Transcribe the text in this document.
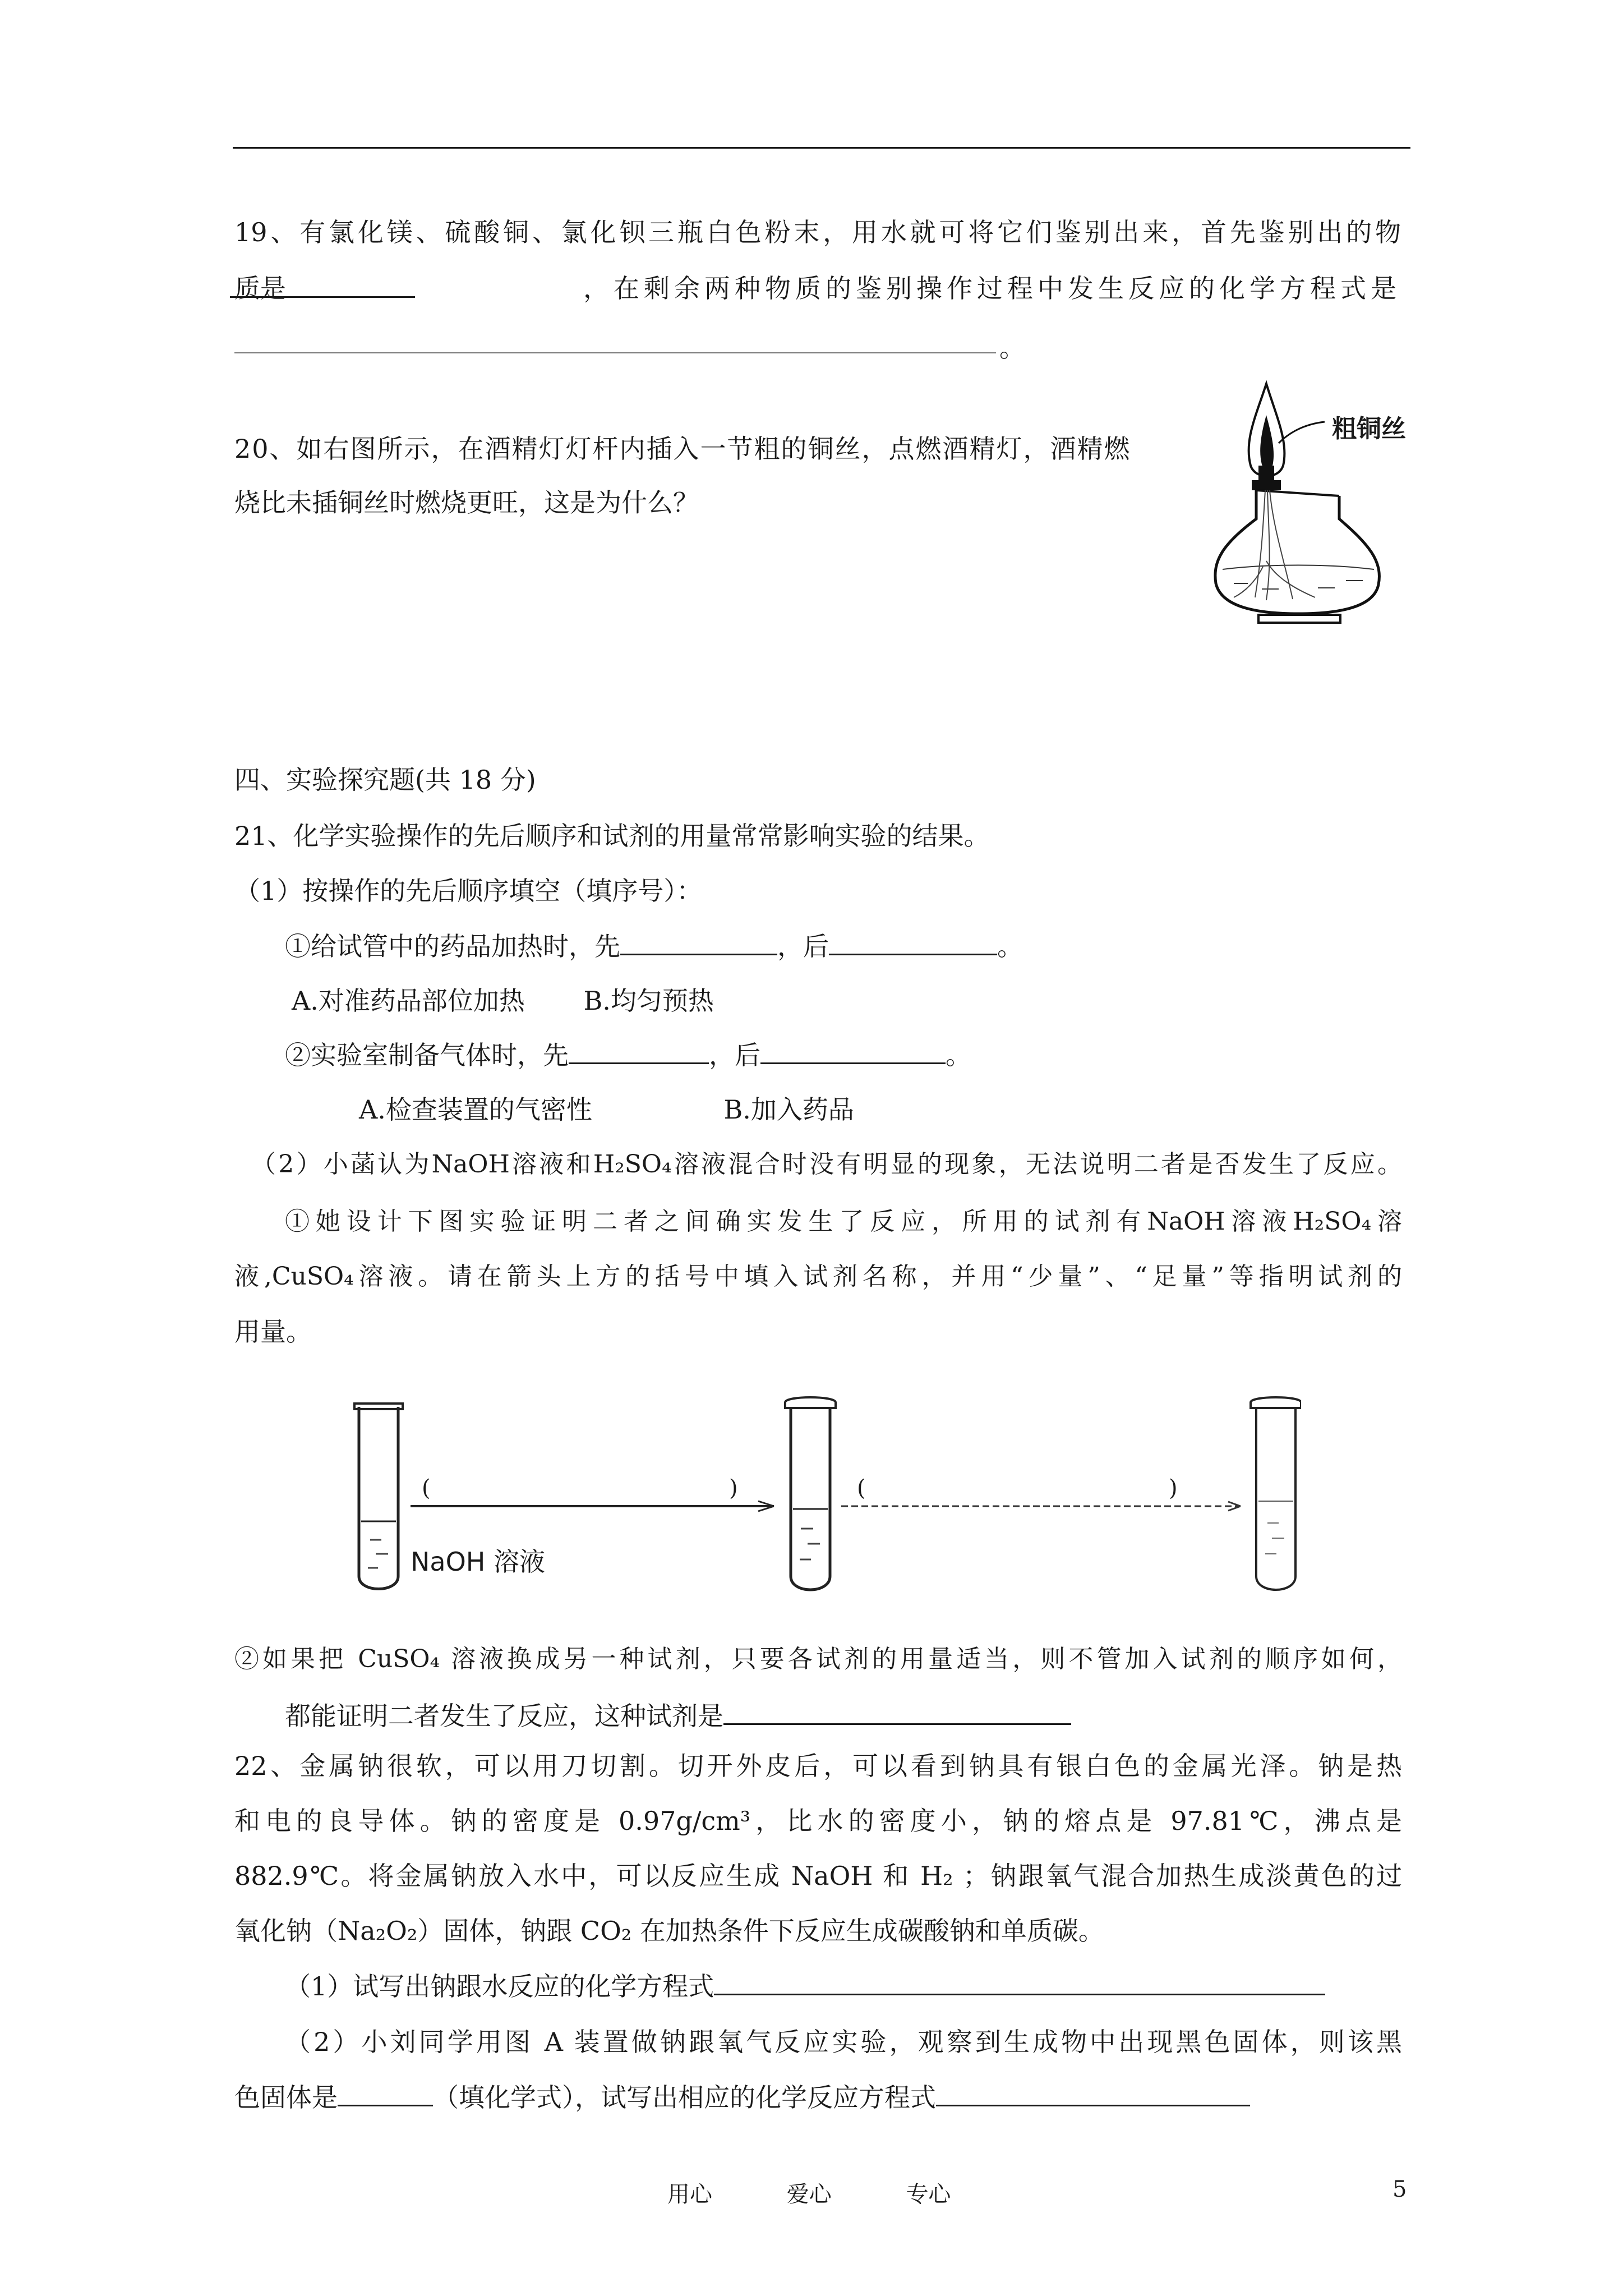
19、有氯化镁、硫酸铜、氯化钡三瓶白色粉末，用水就可将它们鉴别出来，首先鉴别出的物
质是	，在剩余两种物质的鉴别操作过程中发生反应的化学方程式是
。
20、如右图所示，在酒精灯灯杆内插入一节粗的铜丝，点燃酒精灯，酒精燃
烧比未插铜丝时燃烧更旺，这是为什么？
粗铜丝
四、实验探究题(共 18 分)
21、化学实验操作的先后顺序和试剂的用量常常影响实验的结果。
（1）按操作的先后顺序填空（填序号）：
①给试管中的药品加热时，先	，后	。
A.对准药品部位加热 B.均匀预热
②实验室制备气体时，先	，后	。
A.检查装置的气密性	B.加入药品
（2）小菡认为NaOH溶液和H₂SO₄溶液混合时没有明显的现象，无法说明二者是否发生了反应。
①她设计下图实验证明二者之间确实发生了反应，所用的试剂有NaOH溶液H₂SO₄溶
液,CuSO₄溶液。请在箭头上方的括号中填入试剂名称，并用“少量”、“足量”等指明试剂的
用量。
(	)	(	)
NaOH 溶液
②如果把 CuSO₄ 溶液换成另一种试剂，只要各试剂的用量适当，则不管加入试剂的顺序如何，
都能证明二者发生了反应，这种试剂是
22、金属钠很软，可以用刀切割。切开外皮后，可以看到钠具有银白色的金属光泽。钠是热
和电的良导体。钠的密度是 0.97g/cm³，比水的密度小，钠的熔点是 97.81℃，沸点是
882.9℃。将金属钠放入水中，可以反应生成 NaOH 和 H₂ ；钠跟氧气混合加热生成淡黄色的过
氧化钠（Na₂O₂）固体，钠跟 CO₂ 在加热条件下反应生成碳酸钠和单质碳。
（1）试写出钠跟水反应的化学方程式
（2）小刘同学用图 A 装置做钠跟氧气反应实验，观察到生成物中出现黑色固体，则该黑
色固体是	（填化学式），试写出相应的化学反应方程式
用心	爱心	专心	5
